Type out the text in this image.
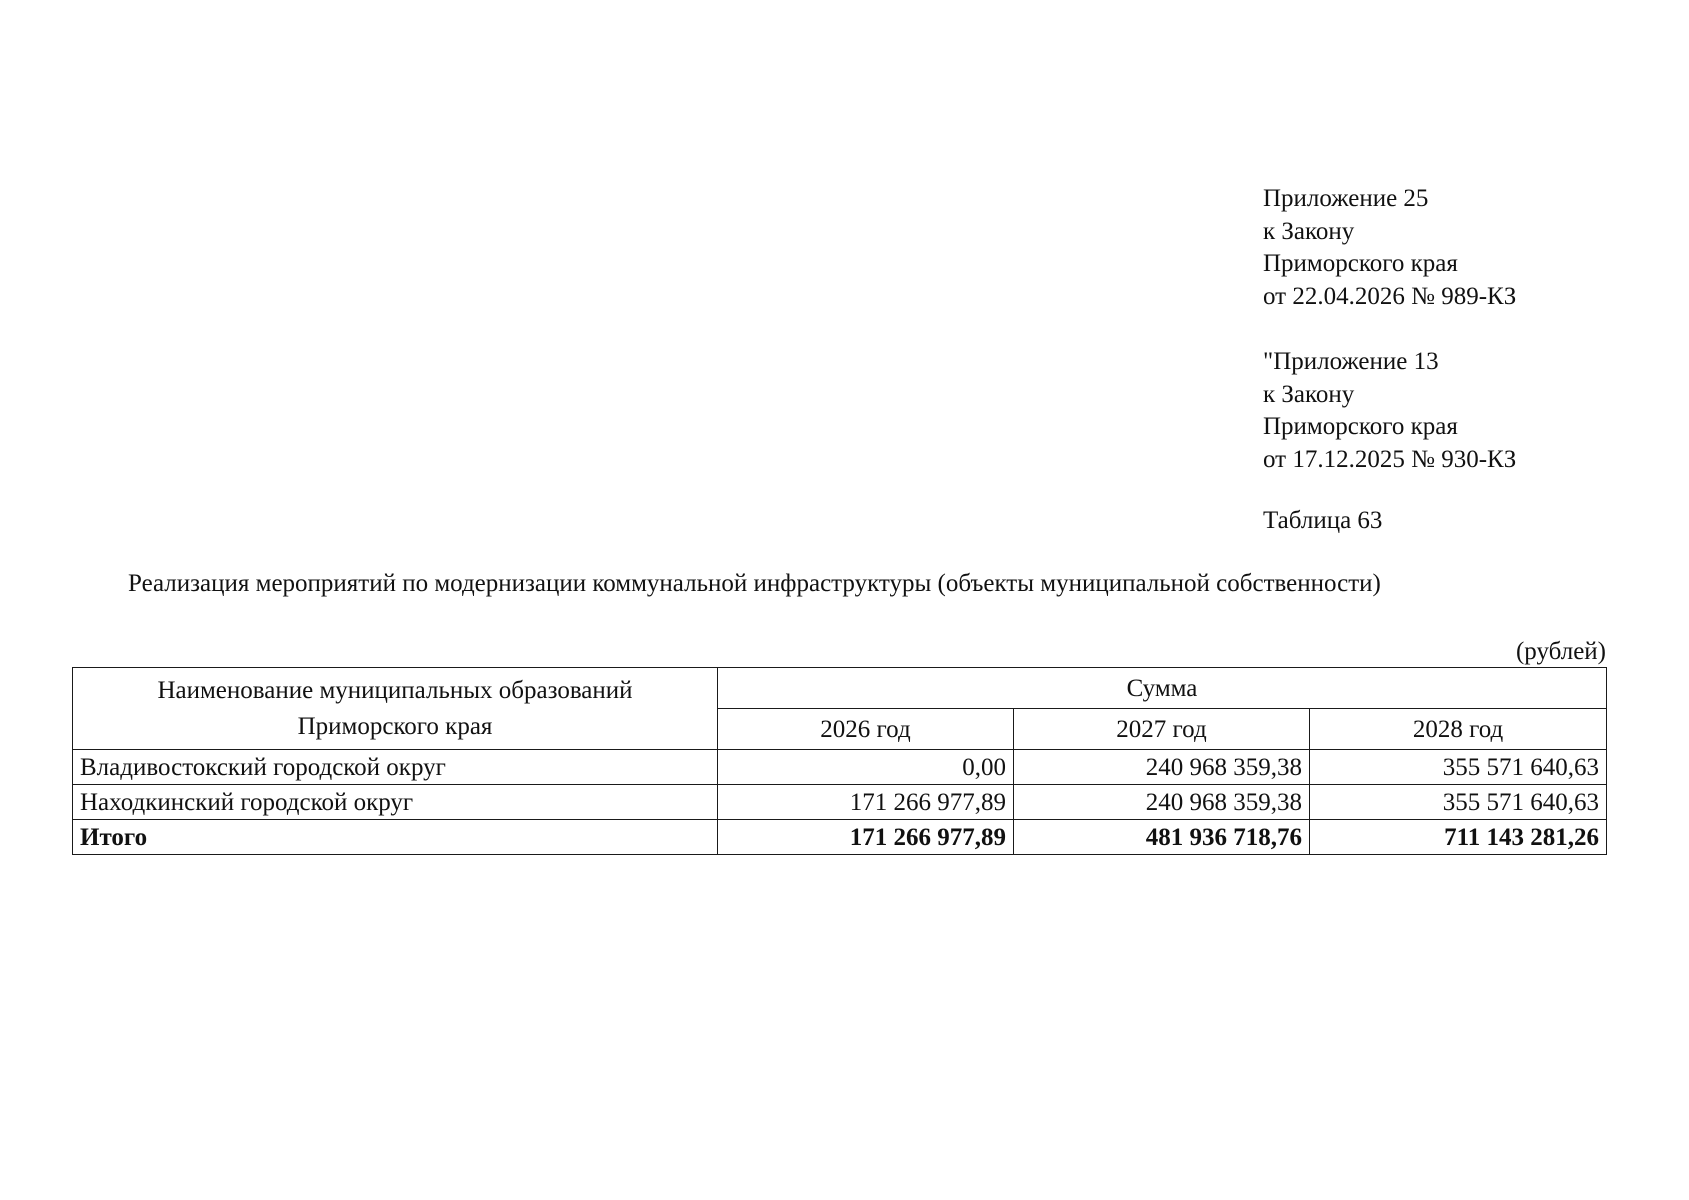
Приложение 25
к Закону
Приморского края
от 22.04.2026 № 989-КЗ
"Приложение 13
к Закону
Приморского края
от 17.12.2025 № 930-КЗ
Таблица 63
Реализация мероприятий по модернизации коммунальной инфраструктуры (объекты муниципальной собственности)
(рублей)
Наименование муниципальных образований
Приморского края	Сумма		
	2026 год	2027 год	2028 год
Владивостокский городской округ	0,00	240 968 359,38	355 571 640,63
Находкинский городской округ	171 266 977,89	240 968 359,38	355 571 640,63
Итого	171 266 977,89	481 936 718,76	711 143 281,26
